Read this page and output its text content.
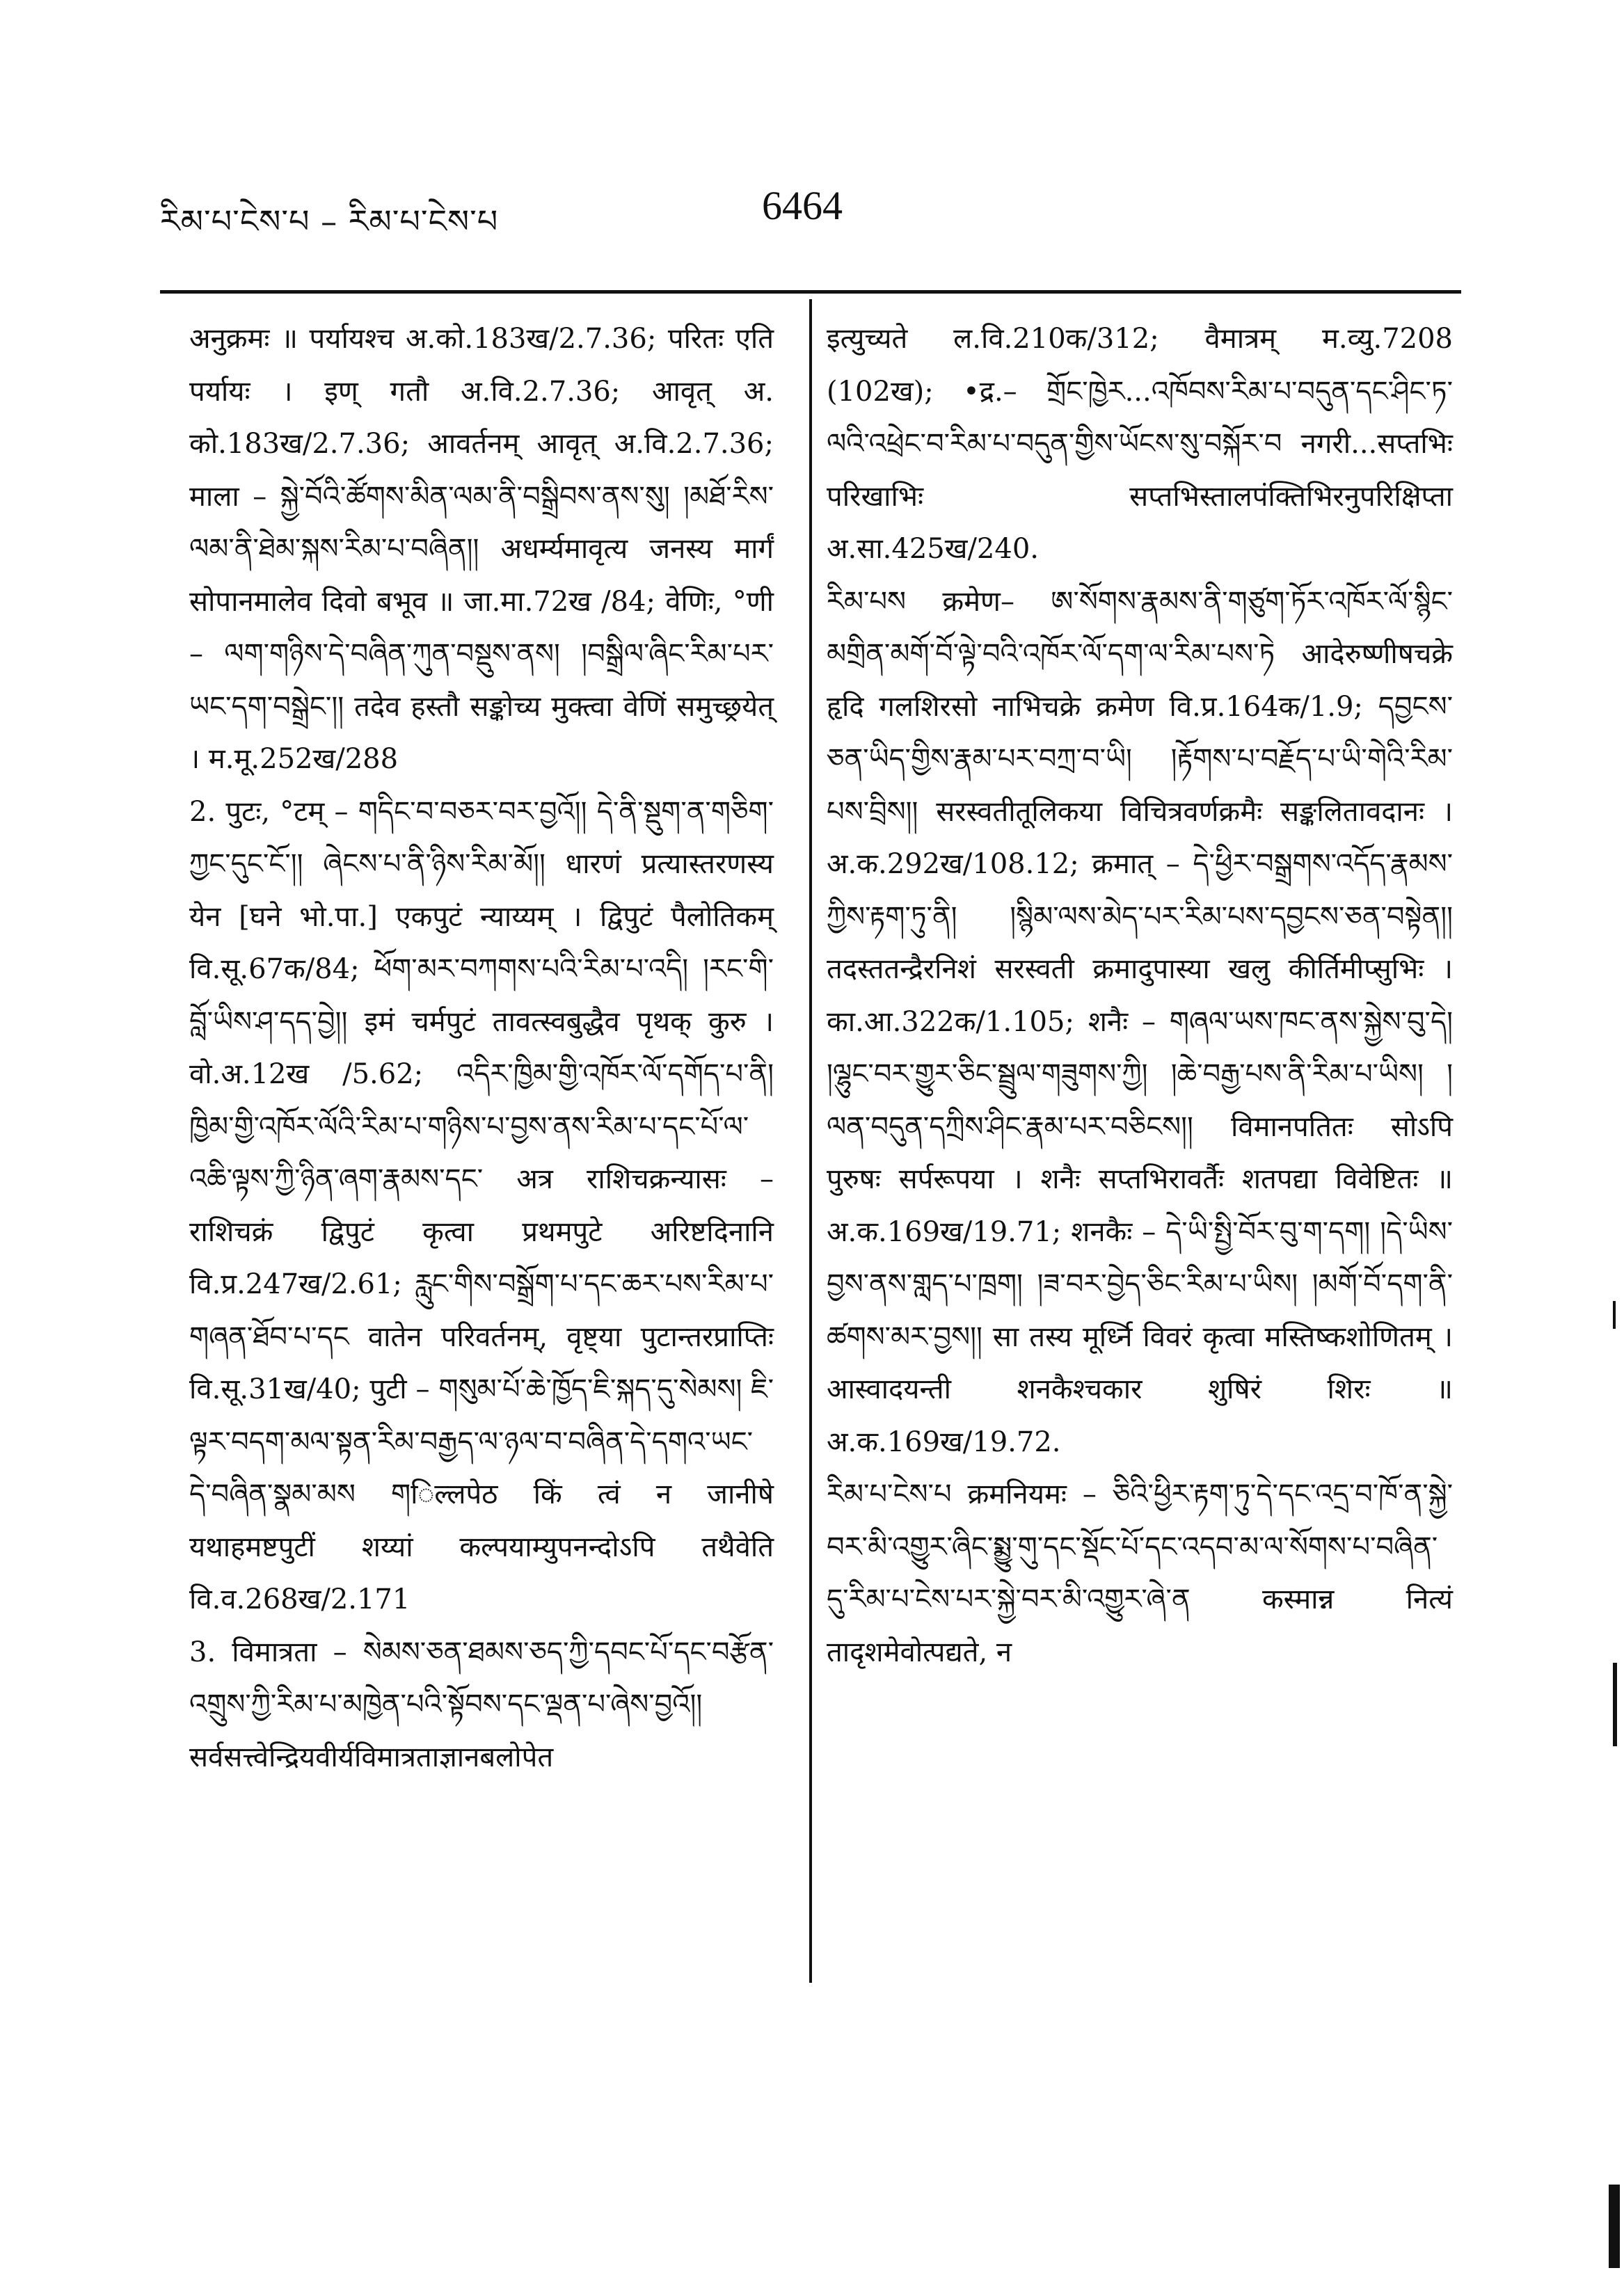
རིམ་པ་ངེས་པ – རིམ་པ་ངེས་པ	6464

अनुक्रमः ॥ पर्यायश्च अ.को.183ख/2.7.36; परितः एति पर्यायः । इण् गतौ अ.वि.2.7.36; आवृत् अ. को.183ख/2.7.36; आवर्तनम् आवृत् अ.वि.2.7.36; माला – སྐྱེ་བོའི་ཚོགས་མིན་ལམ་ནི་བསྒྲིབས་ནས་སུ། །མཐོ་རིས་ལམ་ནི་ཐེམ་སྐས་རིམ་པ་བཞིན།། अधर्म्यमावृत्य जनस्य मार्गं सोपानमालेव दिवो बभूव ॥ जा.मा.72ख /84; वेणिः, °णी – ལག་གཉིས་དེ་བཞིན་ཀུན་བསྡུས་ནས། །བསྒྲིལ་ཞིང་རིམ་པར་ཡང་དག་བསྒྲེང་།། तदेव हस्तौ सङ्कोच्य मुक्त्वा वेणिं समुच्छ्रयेत् । म.मू.252ख/288

2. पुटः, °टम् – གདིང་བ་བཅར་བར་བྱའོ།། དེ་ནི་སྡུག་ན་གཅིག་ཀྱང་དུང་ངོ་།། ཞེངས་པ་ནི་ཉིས་རིམ་མོ།། धारणं प्रत्यास्तरणस्य येन [घने भो.पा.] एकपुटं न्याय्यम् । द्विपुटं पैलोतिकम् वि.सू.67क/84; ཕོག་མར་བཀགས་པའི་རིམ་པ་འདི། །རང་གི་བློ་ཡིས་ཤ་དད་བྱེ།། इमं चर्मपुटं तावत्स्वबुद्धैव पृथक् कुरु । वो.अ.12ख /5.62; འདིར་ཁྱིམ་གྱི་འཁོར་ལོ་དགོད་པ་ནི། ཁྱིམ་གྱི་འཁོར་ལོའི་རིམ་པ་གཉིས་པ་བྱས་ནས་རིམ་པ་དང་པོ་ལ་འཆི་ལྟས་ཀྱི་ཉིན་ཞག་རྣམས་དང་ अत्र राशिचक्रन्यासः –राशिचक्रं द्विपुटं कृत्वा प्रथमपुटे अरिष्टदिनानि वि.प्र.247ख/2.61; རླུང་གིས་བསྒྲོག་པ་དང་ཆར་པས་རིམ་པ་གཞན་ཐོབ་པ་དང वातेन परिवर्तनम्, वृष्ट्या पुटान्तरप्राप्तिः वि.सू.31ख/40; पुटी – གསུམ་པོ་ཆེ་ཁྱོད་ཇི་སྐད་དུ་སེམས། ཇི་ལྟར་བདག་མལ་སྟན་རིམ་བརྒྱད་ལ་ཉལ་བ་བཞིན་དེ་དགའ་ཡང་དེ་བཞིན་སྣམ་མས གिल्लपेठ किं त्वं न जानीषे यथाहमष्टपुटीं शय्यां कल्पयाम्युपनन्दोऽपि तथैवेति वि.व.268ख/2.171

3. विमात्रता – སེམས་ཅན་ཐམས་ཅད་ཀྱི་དབང་པོ་དང་བརྩོན་འགྲུས་ཀྱི་རིམ་པ་མཁྱེན་པའི་སྟོབས་དང་ལྡན་པ་ཞེས་བྱའོ།། सर्वसत्त्वेन्द्रियवीर्यविमात्रताज्ञानबलोपेत

इत्युच्यते ल.वि.210क/312; वैमात्रम् म.व्यु.7208 (102ख); •द्र.– གྲོང་ཁྱེར...འཁོབས་རིམ་པ་བདུན་དང་ཤིང་ཏ་ལའི་འཕྲེང་བ་རིམ་པ་བདུན་གྱིས་ཡོངས་སུ་བསྐོར་བ नगरी...सप्तभिः परिखाभिः सप्तभिस्तालपंक्तिभिरनुपरिक्षिप्ता अ.सा.425ख/240.

རིམ་པས क्रमेण– ཨ་སོགས་རྣམས་ནི་གཙུག་ཏོར་འཁོར་ལོ་སྙིང་མགྲིན་མགོ་བོ་ལྟེ་བའི་འཁོར་ལོ་དག་ལ་རིམ་པས་ཏེ आदेरुष्णीषचक्रे हृदि गलशिरसो नाभिचक्रे क्रमेण वि.प्र.164क/1.9; དབྱངས་ཅན་ཡིད་གྱིས་རྣམ་པར་བཀྲ་བ་ཡི། །རྟོགས་པ་བརྗོད་པ་ཡི་གེའི་རིམ་པས་བྲིས།། सरस्वतीतूलिकया विचित्रवर्णक्रमैः सङ्कलितावदानः । अ.क.292ख/108.12; क्रमात् – དེ་ཕྱིར་བསྒྲགས་འདོད་རྣམས་ཀྱིས་རྟག་ཏུ་ནི། །སྙིམ་ལས་མེད་པར་རིམ་པས་དབྱངས་ཅན་བསྟེན།། तदस्ततन्द्रैरनिशं सरस्वती क्रमादुपास्या खलु कीर्तिमीप्सुभिः । का.आ.322क/1.105; शनैः – གཞལ་ཡས་ཁང་ནས་སྐྱེས་བུ་དེ། །ལྷུང་བར་གྱུར་ཅིང་སྦྲུལ་གཟུགས་ཀྱི། །ཆེ་བརྒྱ་པས་ནི་རིམ་པ་ཡིས། །ལན་བདུན་དཀྲིས་ཤིང་རྣམ་པར་བཅིངས།། विमानपतितः सोऽपि पुरुषः सर्परूपया । शनैः सप्तभिरावर्तैः शतपद्या विवेष्टितः ॥ अ.क.169ख/19.71; शनकैः – དེ་ཡི་སྤྱི་བོར་བུ་ག་དག། །དེ་ཡིས་བྱས་ནས་གླད་པ་ཁྲག། །ཟ་བར་བྱེད་ཅིང་རིམ་པ་ཡིས། །མགོ་བོ་དག་ནི་ཚགས་མར་བྱས།། सा तस्य मूर्ध्नि विवरं कृत्वा मस्तिष्कशोणितम् । आस्वादयन्ती शनकैश्चकार शुषिरं शिरः ॥ अ.क.169ख/19.72.

རིམ་པ་ངེས་པ क्रमनियमः – ཅིའི་ཕྱིར་རྟག་ཏུ་དེ་དང་འདྲ་བ་ཁོ་ན་སྐྱེ་བར་མི་འགྱུར་ཞིང་སྨྱུ་གུ་དང་སྡོང་པོ་དང་འདབ་མ་ལ་སོགས་པ་བཞིན་དུ་རིམ་པ་ངེས་པར་སྐྱེ་བར་མི་འགྱུར་ཞེ་ན कस्मान्न नित्यं तादृशमेवोत्पद्यते, न
